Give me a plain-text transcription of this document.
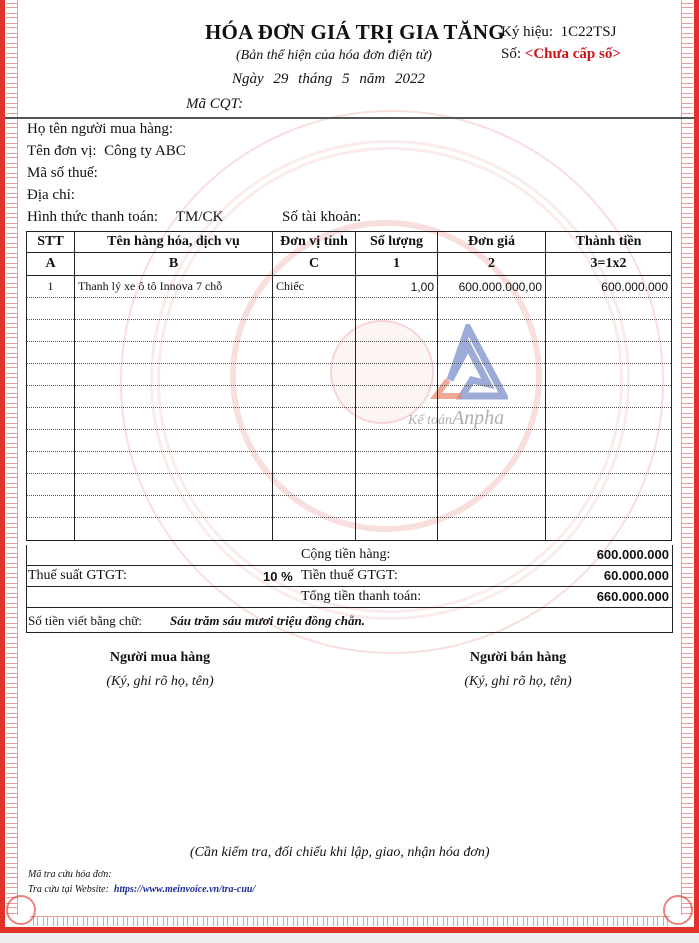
Kế toánAnpha
HÓA ĐƠN GIÁ TRỊ GIA TĂNG
(Bản thể hiện của hóa đơn điện tử)
Ngày 29 tháng 5 năm 2022
Mã CQT:
Ký hiệu: 1C22TSJ
Số: <Chưa cấp số>
Họ tên người mua hàng:
Tên đơn vị: Công ty ABC
Mã số thuế:
Địa chỉ:
Hình thức thanh toán: TM/CK	Số tài khoản:
STT	Tên hàng hóa, dịch vụ	Đơn vị tính	Số lượng	Đơn giá	Thành tiền
A	B	C	1	2	3=1x2
1	Thanh lý xe ô tô Innova 7 chỗ	Chiếc	1,00	600.000.000,00	600.000.000

Cộng tiền hàng:	600.000.000
Thuế suất GTGT:	10 % Tiền thuế GTGT:	60.000.000
Tổng tiền thanh toán:	660.000.000
Số tiền viết bằng chữ: Sáu trăm sáu mươi triệu đồng chẵn.
Người mua hàng
(Ký, ghi rõ họ, tên)
Người bán hàng
(Ký, ghi rõ họ, tên)
(Cần kiểm tra, đối chiếu khi lập, giao, nhận hóa đơn)
Mã tra cứu hóa đơn:
Tra cứu tại Website: https://www.meinvoice.vn/tra-cuu/
